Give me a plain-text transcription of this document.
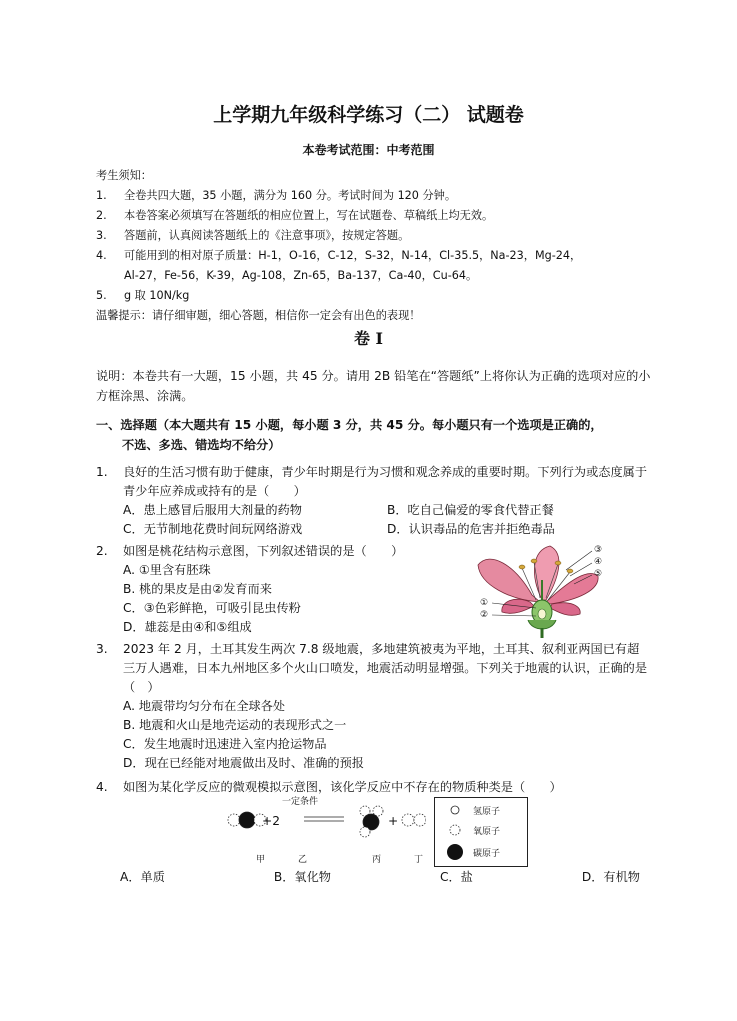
上学期九年级科学练习（二） 试题卷
本卷考试范围：中考范围
考生须知：
1. 全卷共四大题，35 小题，满分为 160 分。考试时间为 120 分钟。
2. 本卷答案必须填写在答题纸的相应位置上，写在试题卷、草稿纸上均无效。
3. 答题前，认真阅读答题纸上的《注意事项》，按规定答题。
4. 可能用到的相对原子质量：H-1，O-16，C-12，S-32，N-14，Cl-35.5，Na-23，Mg-24，
Al-27，Fe-56，K-39，Ag-108，Zn-65，Ba-137，Ca-40，Cu-64。
5. g 取 10N/kg
温馨提示：请仔细审题，细心答题，相信你一定会有出色的表现！
卷 Ⅰ
说明：本卷共有一大题，15 小题，共 45 分。请用 2B 铅笔在“答题纸”上将你认为正确的选项对应的小方框涂黑、涂满。
一、选择题（本大题共有 15 小题，每小题 3 分，共 45 分。每小题只有一个选项是正确的，
不选、多选、错选均不给分）
1. 良好的生活习惯有助于健康，青少年时期是行为习惯和观念养成的重要时期。下列行为或态度属于青少年应养成或持有的是（　　）
A．患上感冒后服用大剂量的药物	B．吃自己偏爱的零食代替正餐
C．无节制地花费时间玩网络游戏	D．认识毒品的危害并拒绝毒品
2. 如图是桃花结构示意图，下列叙述错误的是（　　）
A. ①里含有胚珠
B. 桃的果皮是由②发育而来
C．③色彩鲜艳，可吸引昆虫传粉
D．雄蕊是由④和⑤组成
③
④
⑤
①
②
3. 2023 年 2 月，土耳其发生两次 7.8 级地震，多地建筑被夷为平地，土耳其、叙利亚两国已有超三万人遇难，日本九州地区多个火山口喷发，地震活动明显增强。下列关于地震的认识，正确的是（　）
A. 地震带均匀分布在全球各处
B. 地震和火山是地壳运动的表现形式之一
C．发生地震时迅速进入室内抢运物品
D．现在已经能对地震做出及时、准确的预报
4. 如图为某化学反应的微观模拟示意图，该化学反应中不存在的物质种类是（　　）
一定条件
+2	+
甲	乙	丙	丁
氢原子
氧原子
碳原子
A．单质	B．氧化物	C．盐	D．有机物
